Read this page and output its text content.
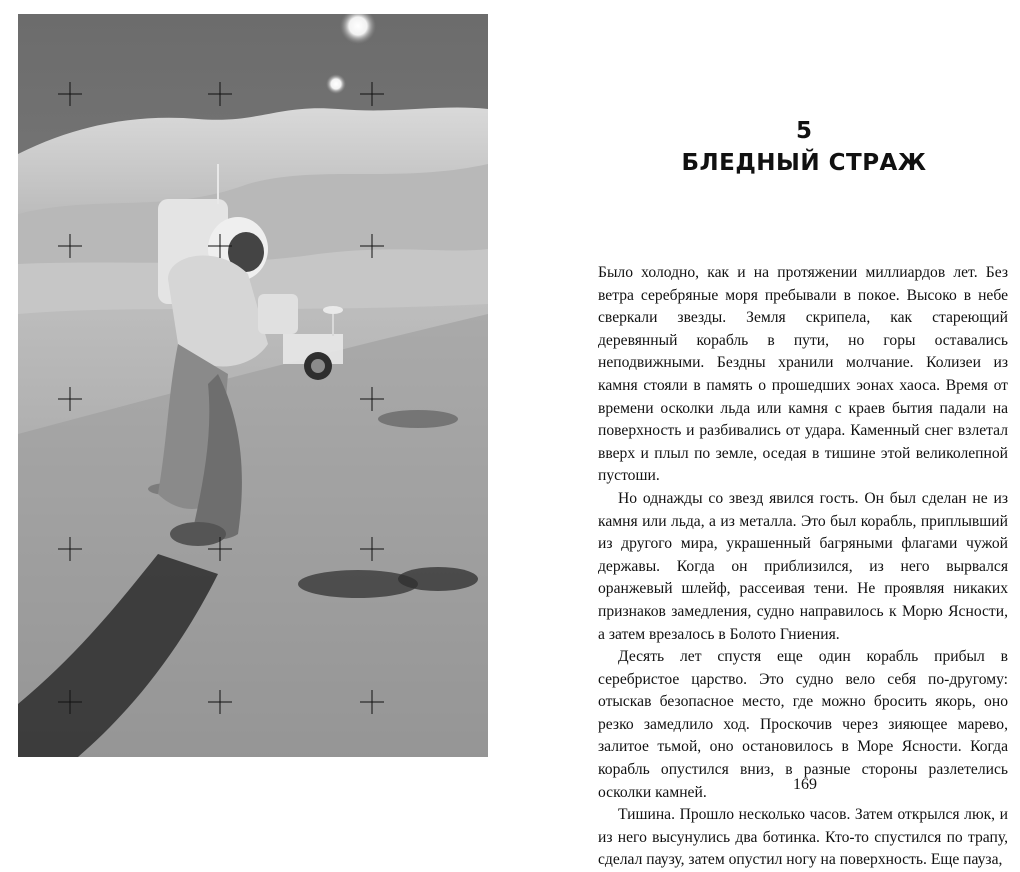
5
БЛЕДНЫЙ СТРАЖ

Было холодно, как и на протяжении миллиардов лет. Без ветра серебряные моря пребывали в покое. Высоко в небе сверкали звезды. Земля скрипела, как стареющий деревянный корабль в пути, но горы оставались неподвижными. Бездны хранили молчание. Колизеи из камня стояли в память о прошедших эонах хаоса. Время от времени осколки льда или камня с краев бытия падали на поверхность и разбивались от удара. Каменный снег взлетал вверх и плыл по земле, оседая в тишине этой великолепной пустоши.

Но однажды со звезд явился гость. Он был сделан не из камня или льда, а из металла. Это был корабль, приплывший из другого мира, украшенный багряными флагами чужой державы. Когда он приблизился, из него вырвался оранжевый шлейф, рассеивая тени. Не проявляя никаких признаков замедления, судно направилось к Морю Ясности, а затем врезалось в Болото Гниения.

Десять лет спустя еще один корабль прибыл в серебристое царство. Это судно вело себя по-другому: отыскав безопасное место, где можно бросить якорь, оно резко замедлило ход. Проскочив через зияющее марево, залитое тьмой, оно остановилось в Море Ясности. Когда корабль опустился вниз, в разные стороны разлетелись осколки камней.

Тишина. Прошло несколько часов. Затем открылся люк, и из него высунулись два ботинка. Кто-то спустился по трапу, сделал паузу, затем опустил ногу на поверхность. Еще пауза,

169
